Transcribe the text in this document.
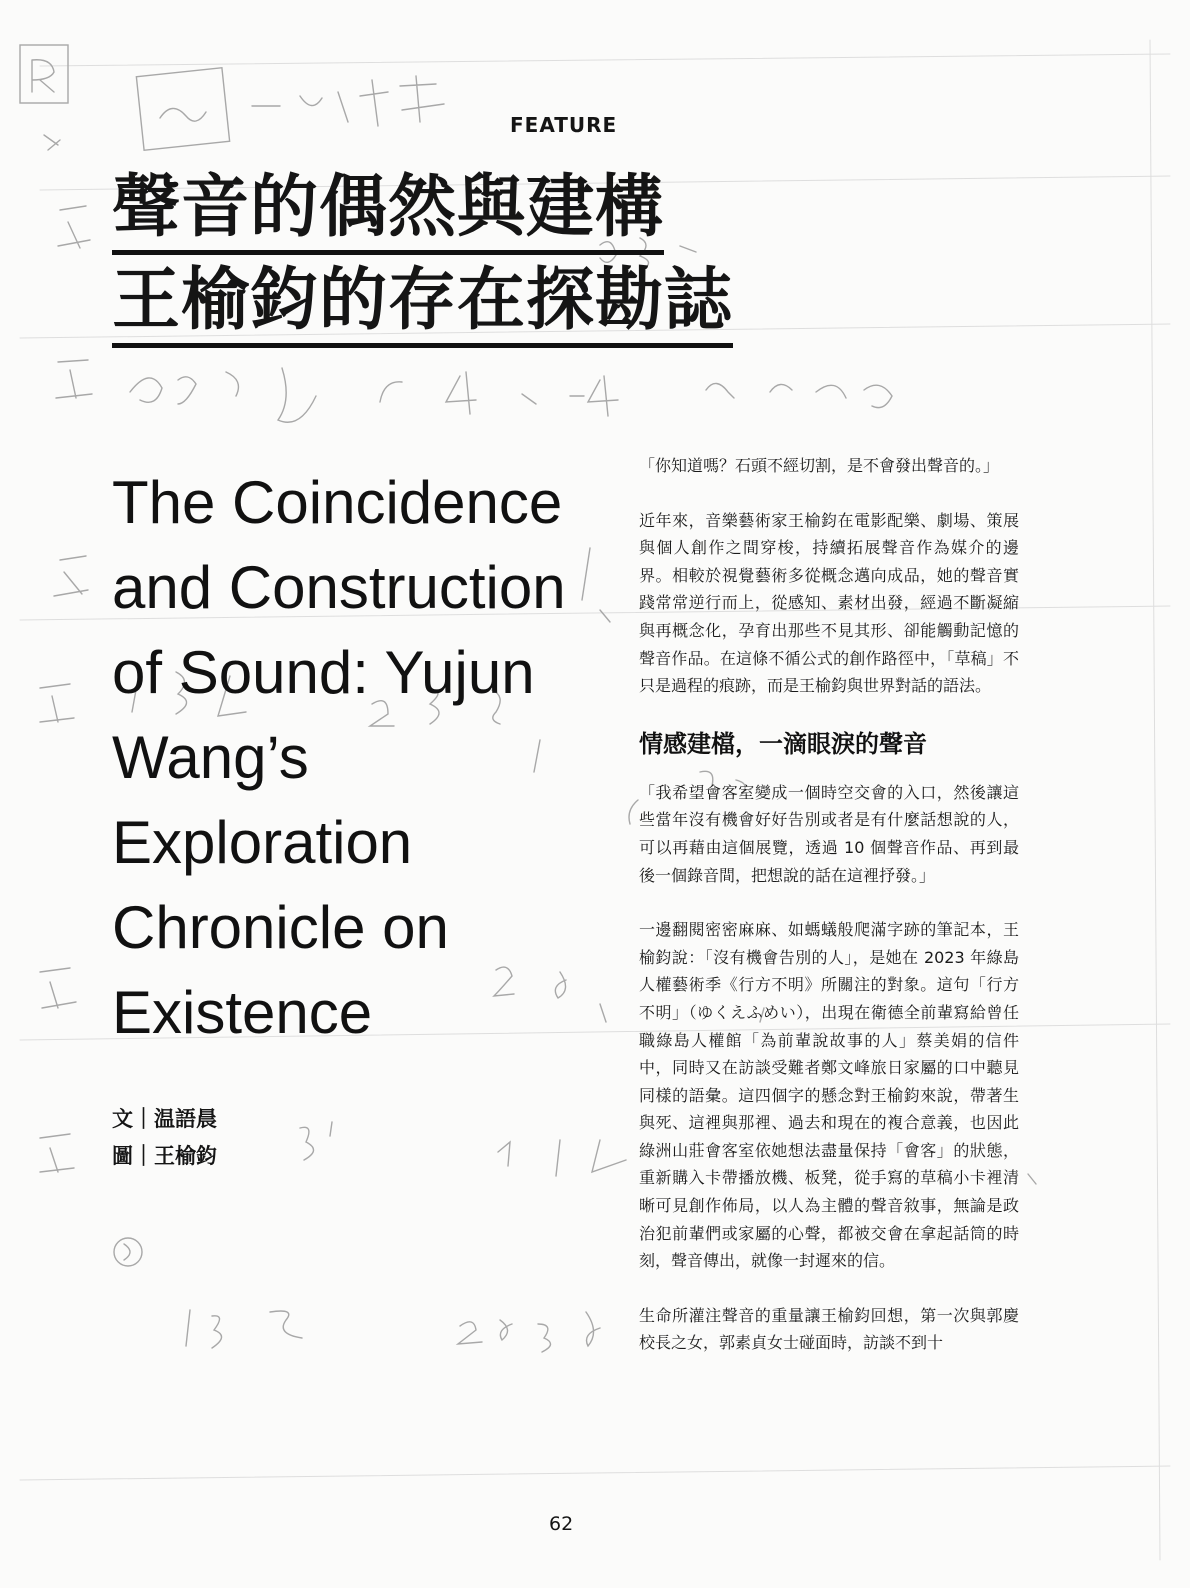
FEATURE
聲音的偶然與建構
王榆鈞的存在探勘誌
The Coincidence and Construction of Sound: Yujun Wang’s Exploration Chronicle on Existence
文｜温語晨
圖｜王榆鈞

「你知道嗎？石頭不經切割，是不會發出聲音的。」

近年來，音樂藝術家王榆鈞在電影配樂、劇場、策展與個人創作之間穿梭，持續拓展聲音作為媒介的邊界。相較於視覺藝術多從概念邁向成品，她的聲音實踐常常逆行而上，從感知、素材出發，經過不斷凝縮與再概念化，孕育出那些不見其形、卻能觸動記憶的聲音作品。在這條不循公式的創作路徑中，「草稿」不只是過程的痕跡，而是王榆鈞與世界對話的語法。

情感建檔，一滴眼淚的聲音

「我希望會客室變成一個時空交會的入口，然後讓這些當年沒有機會好好告別或者是有什麼話想說的人，可以再藉由這個展覽，透過 10 個聲音作品、再到最後一個錄音間，把想說的話在這裡抒發。」

一邊翻閱密密麻麻、如螞蟻般爬滿字跡的筆記本，王榆鈞說：「沒有機會告別的人」，是她在 2023 年綠島人權藝術季《行方不明》所關注的對象。這句「行方不明」（ゆくえふめい），出現在衛德全前輩寫給曾任職綠島人權館「為前輩說故事的人」蔡美娟的信件中，同時又在訪談受難者鄭文峰旅日家屬的口中聽見同樣的語彙。這四個字的懸念對王榆鈞來說，帶著生與死、這裡與那裡、過去和現在的複合意義，也因此綠洲山莊會客室依她想法盡量保持「會客」的狀態，重新購入卡帶播放機、板凳，從手寫的草稿小卡裡清晰可見創作佈局，以人為主體的聲音敘事，無論是政治犯前輩們或家屬的心聲，都被交會在拿起話筒的時刻，聲音傳出，就像一封遲來的信。

生命所灌注聲音的重量讓王榆鈞回想，第一次與郭慶校長之女，郭素貞女士碰面時，訪談不到十

62
